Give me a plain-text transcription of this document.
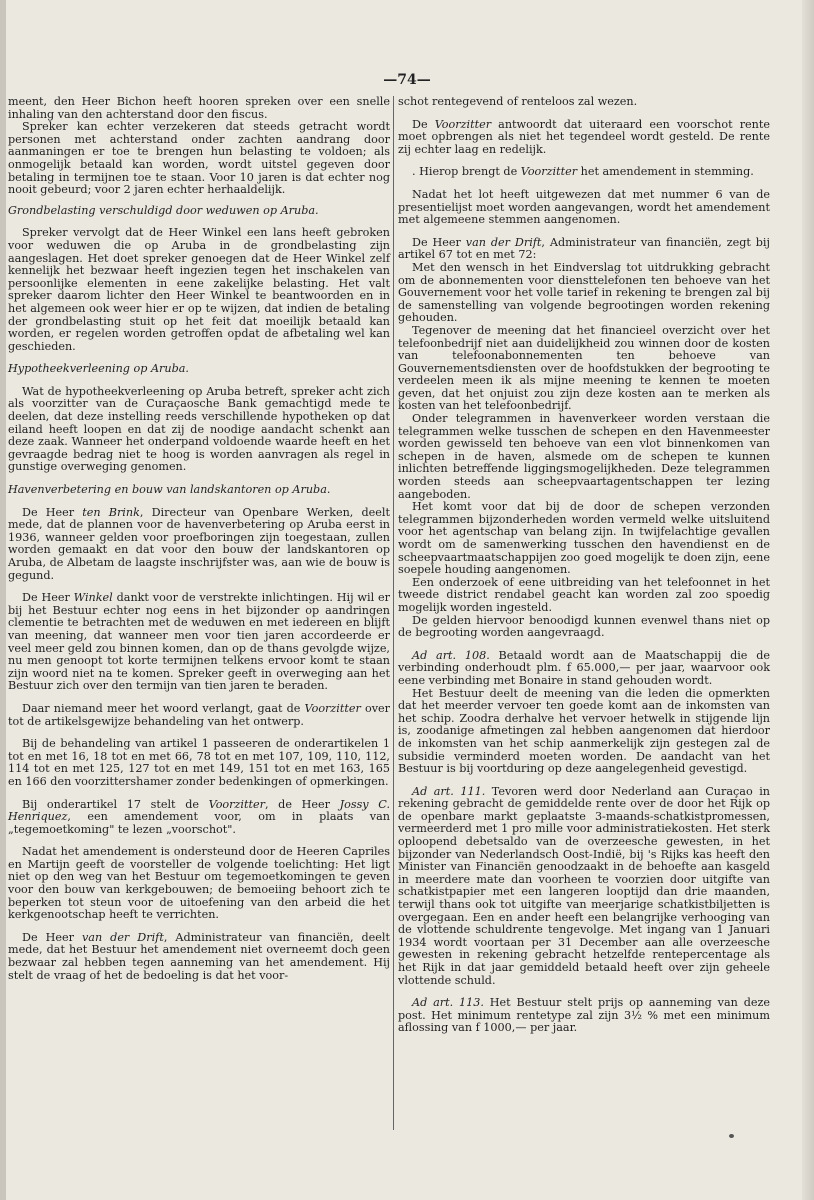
—74—

meent, den Heer Bichon heeft hooren spreken over een snelle inhaling van den achterstand door den fiscus.

Spreker kan echter verzekeren dat steeds getracht wordt personen met achterstand onder zachten aandrang door aanmaningen er toe te brengen hun belasting te voldoen; als onmogelijk betaald kan worden, wordt uitstel gegeven door betaling in termijnen toe te staan. Voor 10 jaren is dat echter nog nooit gebeurd; voor 2 jaren echter herhaaldelijk.

Grondbelasting verschuldigd door weduwen op Aruba.

Spreker vervolgt dat de Heer Winkel een lans heeft gebroken voor weduwen die op Aruba in de grondbelasting zijn aangeslagen. Het doet spreker genoegen dat de Heer Winkel zelf kennelijk het bezwaar heeft ingezien tegen het inschakelen van persoonlijke elementen in eene zakelijke belasting. Het valt spreker daarom lichter den Heer Winkel te beantwoorden en in het algemeen ook weer hier er op te wijzen, dat indien de betaling der grondbelasting stuit op het feit dat moeilijk betaald kan worden, er regelen worden getroffen opdat de afbetaling wel kan geschieden.

Hypotheekverleening op Aruba.

Wat de hypotheekverleening op Aruba betreft, spreker acht zich als voorzitter van de Curaçaosche Bank gemachtigd mede te deelen, dat deze instelling reeds verschillende hypotheken op dat eiland heeft loopen en dat zij de noodige aandacht schenkt aan deze zaak. Wanneer het onderpand voldoende waarde heeft en het gevraagde bedrag niet te hoog is worden aanvragen als regel in gunstige overweging genomen.

Havenverbetering en bouw van landskantoren op Aruba.

De Heer ten Brink, Directeur van Openbare Werken, deelt mede, dat de plannen voor de havenverbetering op Aruba eerst in 1936, wanneer gelden voor proefboringen zijn toegestaan, zullen worden gemaakt en dat voor den bouw der landskantoren op Aruba, de Albetam de laagste inschrijfster was, aan wie de bouw is gegund.

De Heer Winkel dankt voor de verstrekte inlichtingen. Hij wil er bij het Bestuur echter nog eens in het bijzonder op aandringen clementie te betrachten met de weduwen en met iedereen en blijft van meening, dat wanneer men voor tien jaren accordeerde er veel meer geld zou binnen komen, dan op de thans gevolgde wijze, nu men genoopt tot korte termijnen telkens ervoor komt te staan zijn woord niet na te komen. Spreker geeft in overweging aan het Bestuur zich over den termijn van tien jaren te beraden.

Daar niemand meer het woord verlangt, gaat de Voorzitter over tot de artikelsgewijze behandeling van het ontwerp.

Bij de behandeling van artikel 1 passeeren de onderartikelen 1 tot en met 16, 18 tot en met 66, 78 tot en met 107, 109, 110, 112, 114 tot en met 125, 127 tot en met 149, 151 tot en met 163, 165 en 166 den voorzittershamer zonder bedenkingen of opmerkingen.

Bij onderartikel 17 stelt de Voorzitter, de Heer Jossy C. Henriquez, een amendement voor, om in plaats van „tegemoetkoming" te lezen „voorschot".

Nadat het amendement is ondersteund door de Heeren Capriles en Martijn geeft de voorsteller de volgende toelichting: Het ligt niet op den weg van het Bestuur om tegemoetkomingen te geven voor den bouw van kerkgebouwen; de bemoeiing behoort zich te beperken tot steun voor de uitoefening van den arbeid die het kerkgenootschap heeft te verrichten.

De Heer van der Drift, Administrateur van financiën, deelt mede, dat het Bestuur het amendement niet overneemt doch geen bezwaar zal hebben tegen aanneming van het amendement. Hij stelt de vraag of het de bedoeling is dat het voor-

schot rentegevend of renteloos zal wezen.

De Voorzitter antwoordt dat uiteraard een voorschot rente moet opbrengen als niet het tegendeel wordt gesteld. De rente zij echter laag en redelijk.

. Hierop brengt de Voorzitter het amendement in stemming.

Nadat het lot heeft uitgewezen dat met nummer 6 van de presentielijst moet worden aangevangen, wordt het amendement met algemeene stemmen aangenomen.

De Heer van der Drift, Administrateur van financiën, zegt bij artikel 67 tot en met 72:

Met den wensch in het Eindverslag tot uitdrukking gebracht om de abonnementen voor diensttelefonen ten behoeve van het Gouvernement voor het volle tarief in rekening te brengen zal bij de samenstelling van volgende begrootingen worden rekening gehouden.

Tegenover de meening dat het financieel overzicht over het telefoonbedrijf niet aan duidelijkheid zou winnen door de kosten van telefoonabonnementen ten behoeve van Gouvernementsdiensten over de hoofdstukken der begrooting te verdeelen meen ik als mijne meening te kennen te moeten geven, dat het onjuist zou zijn deze kosten aan te merken als kosten van het telefoonbedrijf.

Onder telegrammen in havenverkeer worden verstaan die telegrammen welke tusschen de schepen en den Havenmeester worden gewisseld ten behoeve van een vlot binnenkomen van schepen in de haven, alsmede om de schepen te kunnen inlichten betreffende liggingsmogelijkheden. Deze telegrammen worden steeds aan scheepvaartagentschappen ter lezing aangeboden.

Het komt voor dat bij de door de schepen verzonden telegrammen bijzonderheden worden vermeld welke uitsluitend voor het agentschap van belang zijn. In twijfelachtige gevallen wordt om de samenwerking tusschen den havendienst en de scheepvaartmaatschappijen zoo goed mogelijk te doen zijn, eene soepele houding aangenomen.

Een onderzoek of eene uitbreiding van het telefoonnet in het tweede district rendabel geacht kan worden zal zoo spoedig mogelijk worden ingesteld.

De gelden hiervoor benoodigd kunnen evenwel thans niet op de begrooting worden aangevraagd.

Ad art. 108. Betaald wordt aan de Maatschappij die de verbinding onderhoudt plm. f 65.000,— per jaar, waarvoor ook eene verbinding met Bonaire in stand gehouden wordt.

Het Bestuur deelt de meening van die leden die opmerkten dat het meerder vervoer ten goede komt aan de inkomsten van het schip. Zoodra derhalve het vervoer hetwelk in stijgende lijn is, zoodanige afmetingen zal hebben aangenomen dat hierdoor de inkomsten van het schip aanmerkelijk zijn gestegen zal de subsidie verminderd moeten worden. De aandacht van het Bestuur is bij voortduring op deze aangelegenheid gevestigd.

Ad art. 111. Tevoren werd door Nederland aan Curaçao in rekening gebracht de gemiddelde rente over de door het Rijk op de openbare markt geplaatste 3-maands-schatkistpromessen, vermeerderd met 1 pro mille voor administratiekosten. Het sterk oploopend debetsaldo van de overzeesche gewesten, in het bijzonder van Nederlandsch Oost-Indië, bij 's Rijks kas heeft den Minister van Financiën genoodzaakt in de behoefte aan kasgeld in meerdere mate dan voorheen te voorzien door uitgifte van schatkistpapier met een langeren looptijd dan drie maanden, terwijl thans ook tot uitgifte van meerjarige schatkistbiljetten is overgegaan. Een en ander heeft een belangrijke verhooging van de vlottende schuldrente tengevolge. Met ingang van 1 Januari 1934 wordt voortaan per 31 December aan alle overzeesche gewesten in rekening gebracht hetzelfde rentepercentage als het Rijk in dat jaar gemiddeld betaald heeft over zijn geheele vlottende schuld.

Ad art. 113. Het Bestuur stelt prijs op aanneming van deze post. Het minimum rentetype zal zijn 3½ % met een minimum aflossing van f 1000,— per jaar.
